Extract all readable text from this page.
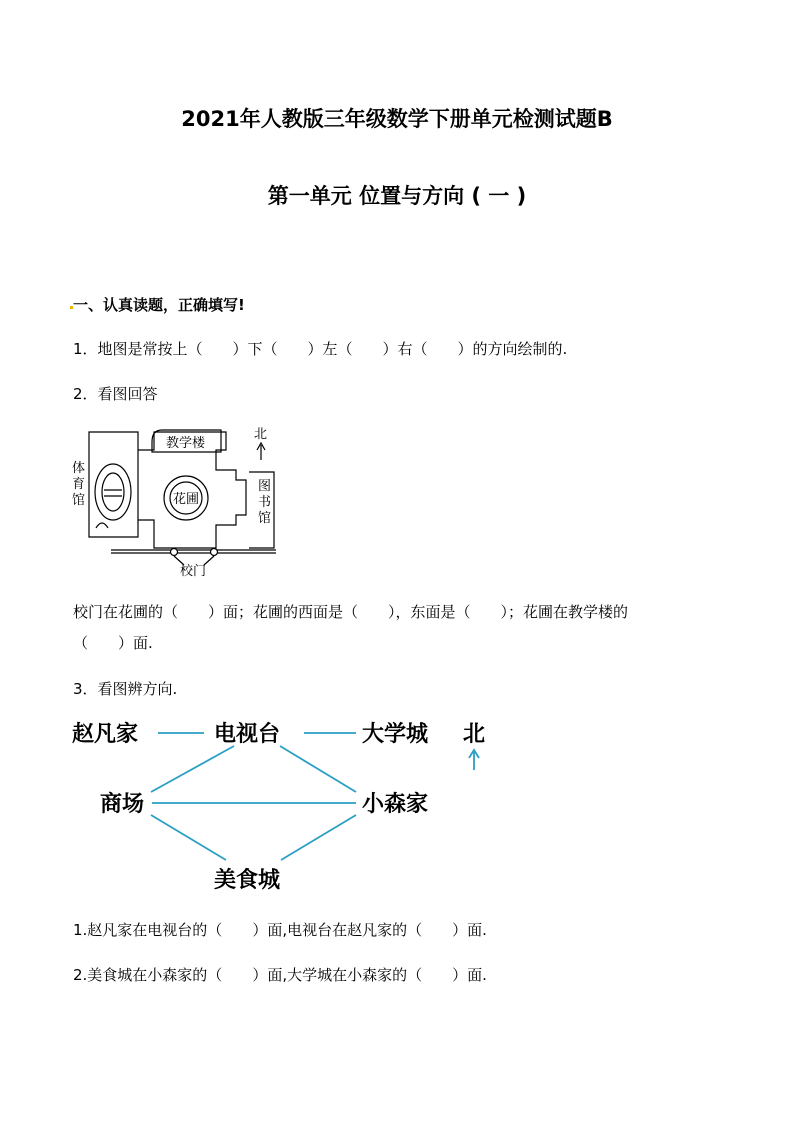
2021年人教版三年级数学下册单元检测试题B
第一单元 位置与方向 ( 一 )
一、认真读题，正确填写!
1．地图是常按上（　　）下（　　）左（　　）右（　　）的方向绘制的.
2．看图回答
教学楼
北
体
育
馆	花圃
图
书
馆
校门
校门在花圃的（　　）面；花圃的西面是（　　），东面是（　　）；花圃在教学楼的
（　　）面.
3．看图辨方向.
赵凡家	电视台	大学城 北
商场	小森家
美食城
1.赵凡家在电视台的（　　）面,电视台在赵凡家的（　　）面.
2.美食城在小森家的（　　）面,大学城在小森家的（　　）面.
